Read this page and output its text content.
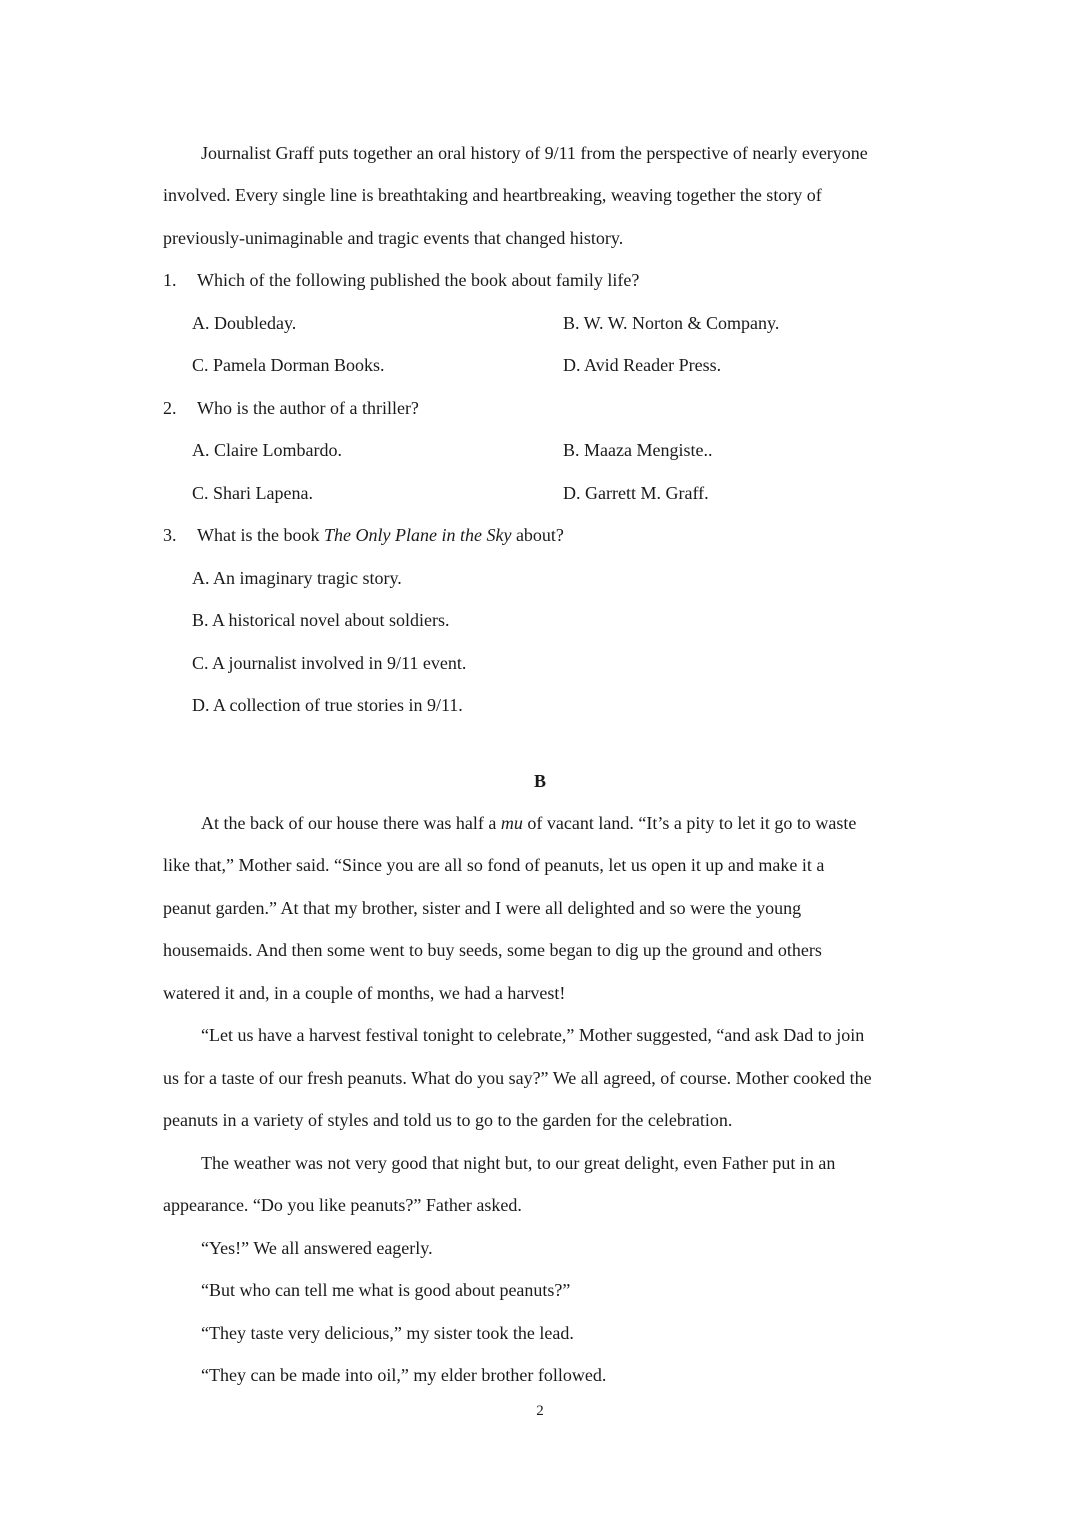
Journalist Graff puts together an oral history of 9/11 from the perspective of nearly everyone
involved. Every single line is breathtaking and heartbreaking, weaving together the story of
previously-unimaginable and tragic events that changed history.
1. Which of the following published the book about family life?
A. Doubleday.	B. W. W. Norton & Company.
C. Pamela Dorman Books.	D. Avid Reader Press.
2. Who is the author of a thriller?
A. Claire Lombardo.	B. Maaza Mengiste..
C. Shari Lapena.	D. Garrett M. Graff.
3. What is the book The Only Plane in the Sky about?
A. An imaginary tragic story.
B. A historical novel about soldiers.
C. A journalist involved in 9/11 event.
D. A collection of true stories in 9/11.
B
At the back of our house there was half a mu of vacant land. “It’s a pity to let it go to waste
like that,” Mother said. “Since you are all so fond of peanuts, let us open it up and make it a
peanut garden.” At that my brother, sister and I were all delighted and so were the young
housemaids. And then some went to buy seeds, some began to dig up the ground and others
watered it and, in a couple of months, we had a harvest!
“Let us have a harvest festival tonight to celebrate,” Mother suggested, “and ask Dad to join
us for a taste of our fresh peanuts. What do you say?” We all agreed, of course. Mother cooked the
peanuts in a variety of styles and told us to go to the garden for the celebration.
The weather was not very good that night but, to our great delight, even Father put in an
appearance. “Do you like peanuts?” Father asked.
“Yes!” We all answered eagerly.
“But who can tell me what is good about peanuts?”
“They taste very delicious,” my sister took the lead.
“They can be made into oil,” my elder brother followed.
2
